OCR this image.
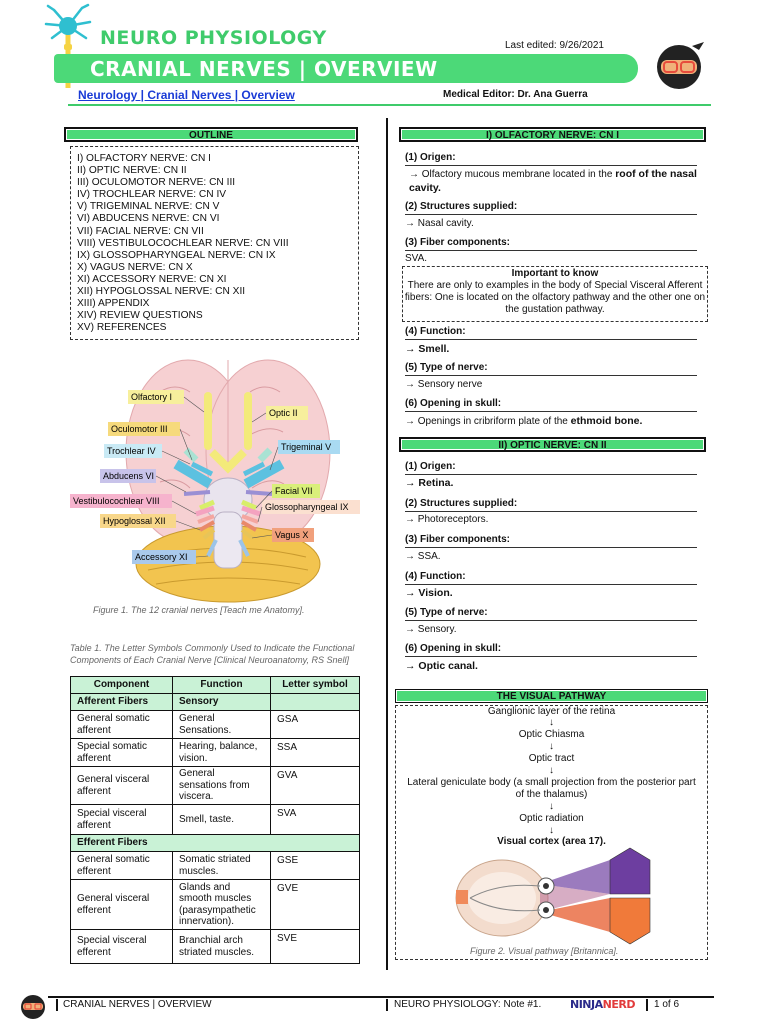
NEURO PHYSIOLOGY	Last edited: 9/26/2021
CRANIAL NERVES | OVERVIEW
Neurology | Cranial Nerves | Overview	Medical Editor: Dr. Ana Guerra
OUTLINE
I) OLFACTORY NERVE: CN I
II) OPTIC NERVE: CN II
III) OCULOMOTOR NERVE: CN III
IV) TROCHLEAR NERVE: CN IV
V) TRIGEMINAL NERVE: CN V
VI) ABDUCENS NERVE: CN VI
VII) FACIAL NERVE: CN VII
VIII) VESTIBULOCOCHLEAR NERVE: CN VIII
IX) GLOSSOPHARYNGEAL NERVE: CN IX
X) VAGUS NERVE: CN X
XI) ACCESSORY NERVE: CN XI
XII) HYPOGLOSSAL NERVE: CN XII
XIII) APPENDIX
XIV) REVIEW QUESTIONS
XV) REFERENCES
Olfactory I
Optic II
Oculomotor III
Trigeminal V
Trochlear IV
Abducens VI
Facial VII
Vestibulocochlear VIII
Glossopharyngeal IX
Hypoglossal XII
Vagus X
Accessory XI
Figure 1. The 12 cranial nerves [Teach me Anatomy].
Table 1. The Letter Symbols Commonly Used to Indicate the Functional Components of Each Cranial Nerve [Clinical Neuroanatomy, RS Snell]
Component	Function	Letter symbol
Afferent Fibers	Sensory	
General somatic afferent	General Sensations.	GSA
Special somatic afferent	Hearing, balance, vision.	SSA
General visceral afferent	General sensations from viscera.	GVA
Special visceral afferent	Smell, taste.	SVA
Efferent Fibers		
General somatic efferent	Somatic striated muscles.	GSE
General visceral efferent	Glands and smooth muscles (parasympathetic innervation).	GVE
Special visceral efferent	Branchial arch striated muscles.	SVE
I) OLFACTORY NERVE: CN I
(1) Origen:
→ Olfactory mucous membrane located in the roof of the nasal cavity.
(2) Structures supplied:
→ Nasal cavity.
(3) Fiber components:
SVA.
Important to know
There are only to examples in the body of Special Visceral Afferent fibers: One is located on the olfactory pathway and the other one on the gustation pathway.
(4) Function:
→ Smell.
(5) Type of nerve:
→ Sensory nerve
(6) Opening in skull:
→ Openings in cribriform plate of the ethmoid bone.
II) OPTIC NERVE: CN II
(1) Origen:
→ Retina.
(2) Structures supplied:
→ Photoreceptors.
(3) Fiber components:
→ SSA.
(4) Function:
→ Vision.
(5) Type of nerve:
→ Sensory.
(6) Opening in skull:
→ Optic canal.
THE VISUAL PATHWAY
Ganglionic layer of the retina
↓
Optic Chiasma
↓
Optic tract
↓
Lateral geniculate body (a small projection from the posterior part of the thalamus)
↓
Optic radiation
↓
Visual cortex (area 17).
Figure 2. Visual pathway [Britannica].
CRANIAL NERVES | OVERVIEW	NEURO PHYSIOLOGY: Note #1.	NINJANERD 1 of 6
